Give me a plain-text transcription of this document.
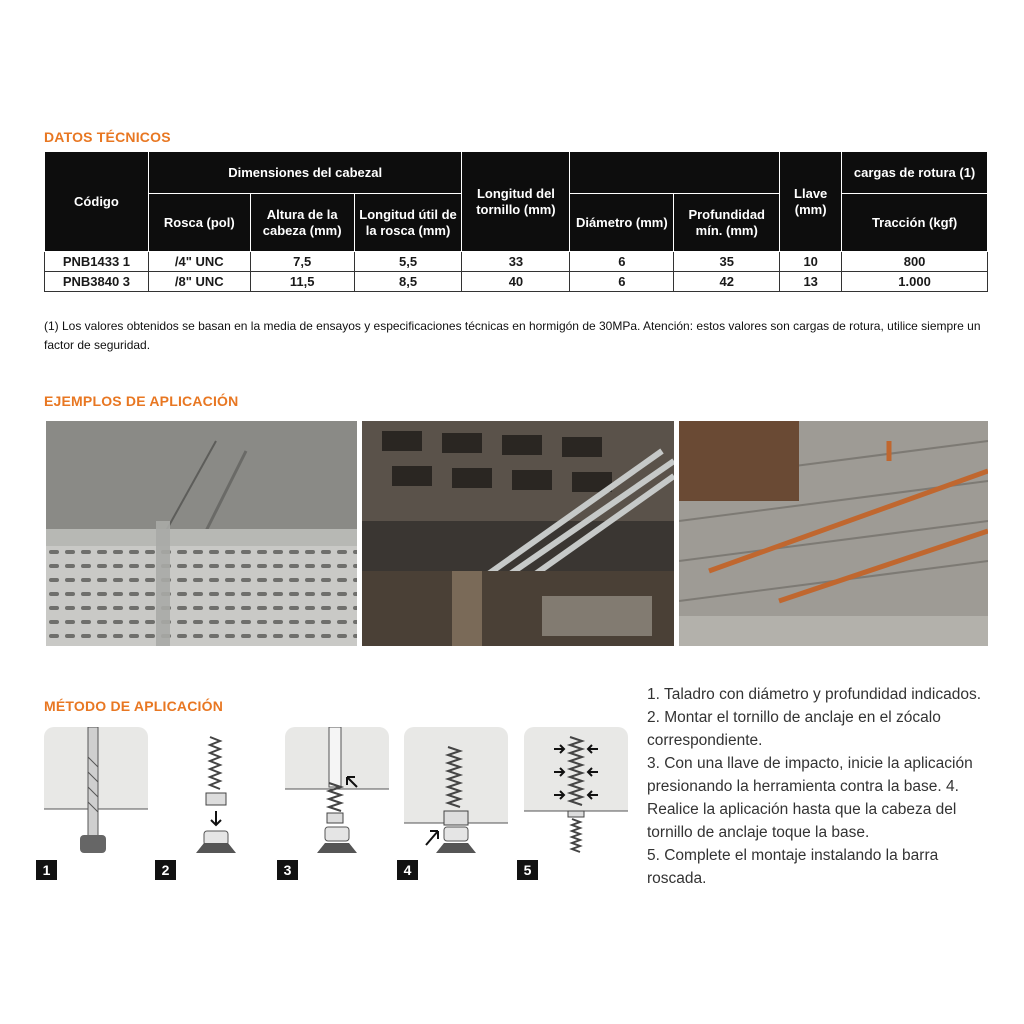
DATOS TÉCNICOS
Código	Dimensiones del cabezal			Longitud del tornillo (mm)			Llave (mm)	cargas de rotura (1)
	Rosca (pol)	Altura de la cabeza (mm)	Longitud útil de la rosca (mm)		Diámetro (mm)	Profundidad mín. (mm)		Tracción (kgf)
PNB1433 1	/4" UNC	7,5	5,5	33	6	35	10	800
PNB3840 3	/8" UNC	11,5	8,5	40	6	42	13	1.000
(1) Los valores obtenidos se basan en la media de ensayos y especificaciones técnicas en hormigón de 30MPa. Atención: estos valores son cargas de rotura, utilice siempre un factor de seguridad.
EJEMPLOS DE APLICACIÓN
MÉTODO DE APLICACIÓN
1	2	3	4	5

1. Taladro con diámetro y profundidad indicados.

2. Montar el tornillo de anclaje en el zócalo correspondiente.

3. Con una llave de impacto, inicie la aplicación presionando la herramienta contra la base. 4. Realice la aplicación hasta que la cabeza del tornillo de anclaje toque la base.

5. Complete el montaje instalando la barra roscada.
